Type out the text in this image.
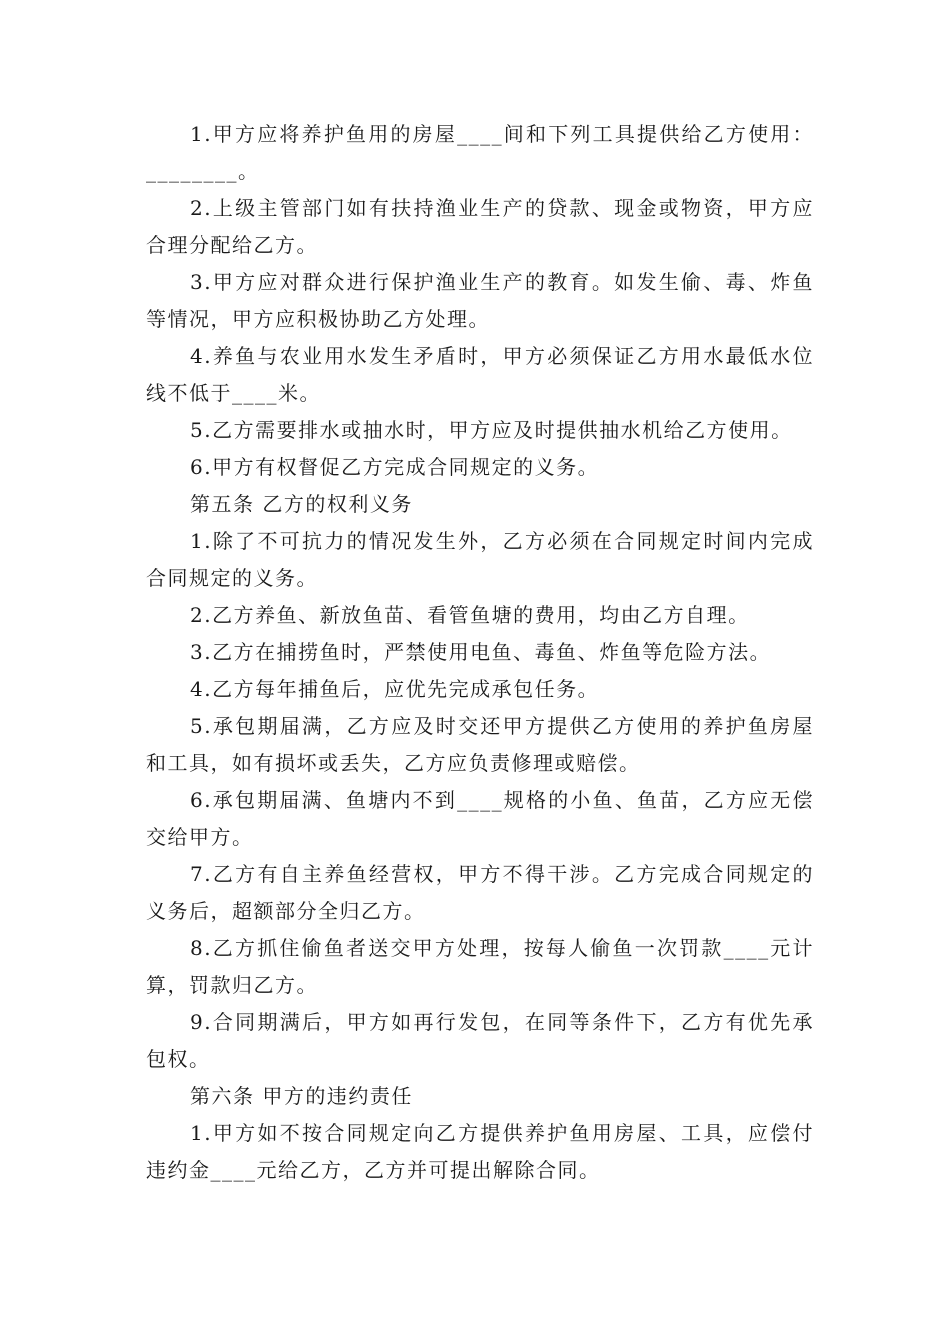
1.甲方应将养护鱼用的房屋____间和下列工具提供给乙方使用：________。

2.上级主管部门如有扶持渔业生产的贷款、现金或物资，甲方应合理分配给乙方。

3.甲方应对群众进行保护渔业生产的教育。如发生偷、毒、炸鱼等情况，甲方应积极协助乙方处理。

4.养鱼与农业用水发生矛盾时，甲方必须保证乙方用水最低水位线不低于____米。

5.乙方需要排水或抽水时，甲方应及时提供抽水机给乙方使用。

6.甲方有权督促乙方完成合同规定的义务。

第五条 乙方的权利义务

1.除了不可抗力的情况发生外，乙方必须在合同规定时间内完成合同规定的义务。

2.乙方养鱼、新放鱼苗、看管鱼塘的费用，均由乙方自理。

3.乙方在捕捞鱼时，严禁使用电鱼、毒鱼、炸鱼等危险方法。

4.乙方每年捕鱼后，应优先完成承包任务。

5.承包期届满，乙方应及时交还甲方提供乙方使用的养护鱼房屋和工具，如有损坏或丢失，乙方应负责修理或赔偿。

6.承包期届满、鱼塘内不到____规格的小鱼、鱼苗，乙方应无偿交给甲方。

7.乙方有自主养鱼经营权，甲方不得干涉。乙方完成合同规定的义务后，超额部分全归乙方。

8.乙方抓住偷鱼者送交甲方处理，按每人偷鱼一次罚款____元计算，罚款归乙方。

9.合同期满后，甲方如再行发包，在同等条件下，乙方有优先承包权。

第六条 甲方的违约责任

1.甲方如不按合同规定向乙方提供养护鱼用房屋、工具，应偿付违约金____元给乙方，乙方并可提出解除合同。
